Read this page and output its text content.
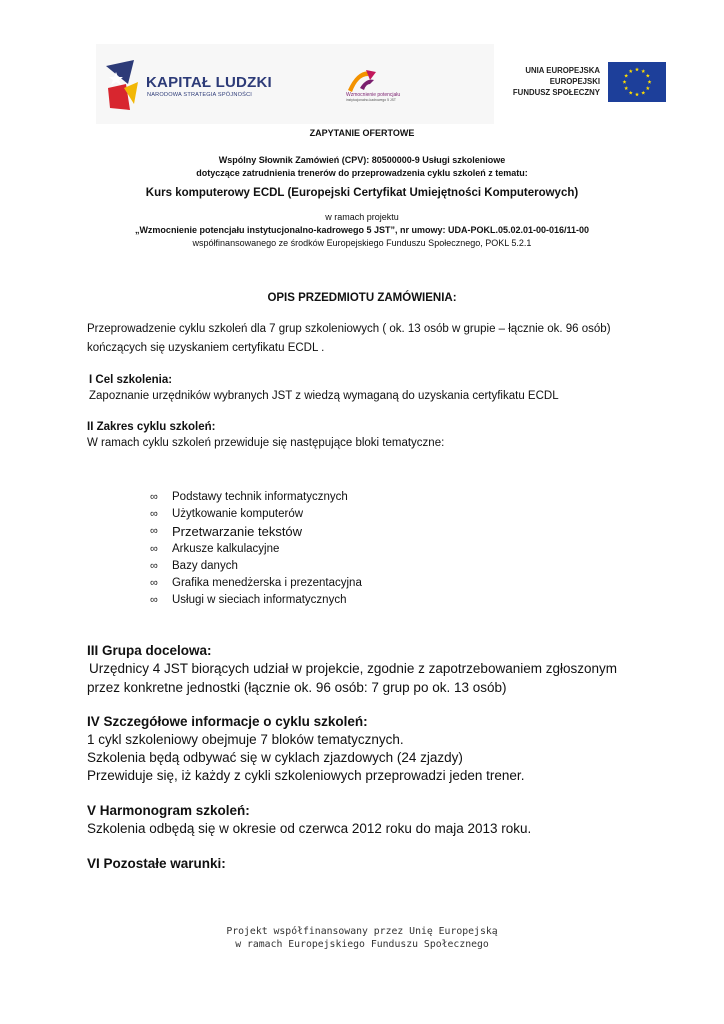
KAPITAŁ LUDZKI
NARODOWA STRATEGIA SPÓJNOŚCI	Wzmocnienie potencjału
instytucjonalno-kadrowego 5 JST
UNIA EUROPEJSKA
EUROPEJSKI
FUNDUSZ SPOŁECZNY
ZAPYTANIE OFERTOWE
Wspólny Słownik Zamówień (CPV): 80500000-9 Usługi szkoleniowe
dotyczące zatrudnienia trenerów do przeprowadzenia cyklu szkoleń z tematu:
Kurs komputerowy ECDL (Europejski Certyfikat Umiejętności Komputerowych)
w ramach projektu
„Wzmocnienie potencjału instytucjonalno-kadrowego 5 JST”, nr umowy: UDA-POKL.05.02.01-00-016/11-00
współfinansowanego ze środków Europejskiego Funduszu Społecznego, POKL 5.2.1
OPIS PRZEDMIOTU ZAMÓWIENIA:
Przeprowadzenie cyklu szkoleń dla 7 grup szkoleniowych ( ok. 13 osób w grupie – łącznie ok. 96 osób)
kończących się uzyskaniem certyfikatu ECDL .
I Cel szkolenia:
Zapoznanie urzędników wybranych JST z wiedzą wymaganą do uzyskania certyfikatu ECDL
II Zakres cyklu szkoleń:
W ramach cyklu szkoleń przewiduje się następujące bloki tematyczne:
∞	Podstawy technik informatycznych
∞	Użytkowanie komputerów
∞	Przetwarzanie tekstów
∞	Arkusze kalkulacyjne
∞	Bazy danych
∞	Grafika menedżerska i prezentacyjna
∞	Usługi w sieciach informatycznych
III Grupa docelowa:
Urzędnicy 4 JST biorących udział w projekcie, zgodnie z zapotrzebowaniem zgłoszonym
przez konkretne jednostki (łącznie ok. 96 osób: 7 grup po ok. 13 osób)
IV Szczegółowe informacje o cyklu szkoleń:
1 cykl szkoleniowy obejmuje 7 bloków tematycznych.
Szkolenia będą odbywać się w cyklach zjazdowych (24 zjazdy)
Przewiduje się, iż każdy z cykli szkoleniowych przeprowadzi jeden trener.
V Harmonogram szkoleń:
Szkolenia odbędą się w okresie od czerwca 2012 roku do maja 2013 roku.
VI Pozostałe warunki:
Projekt współfinansowany przez Unię Europejską
w ramach Europejskiego Funduszu Społecznego
